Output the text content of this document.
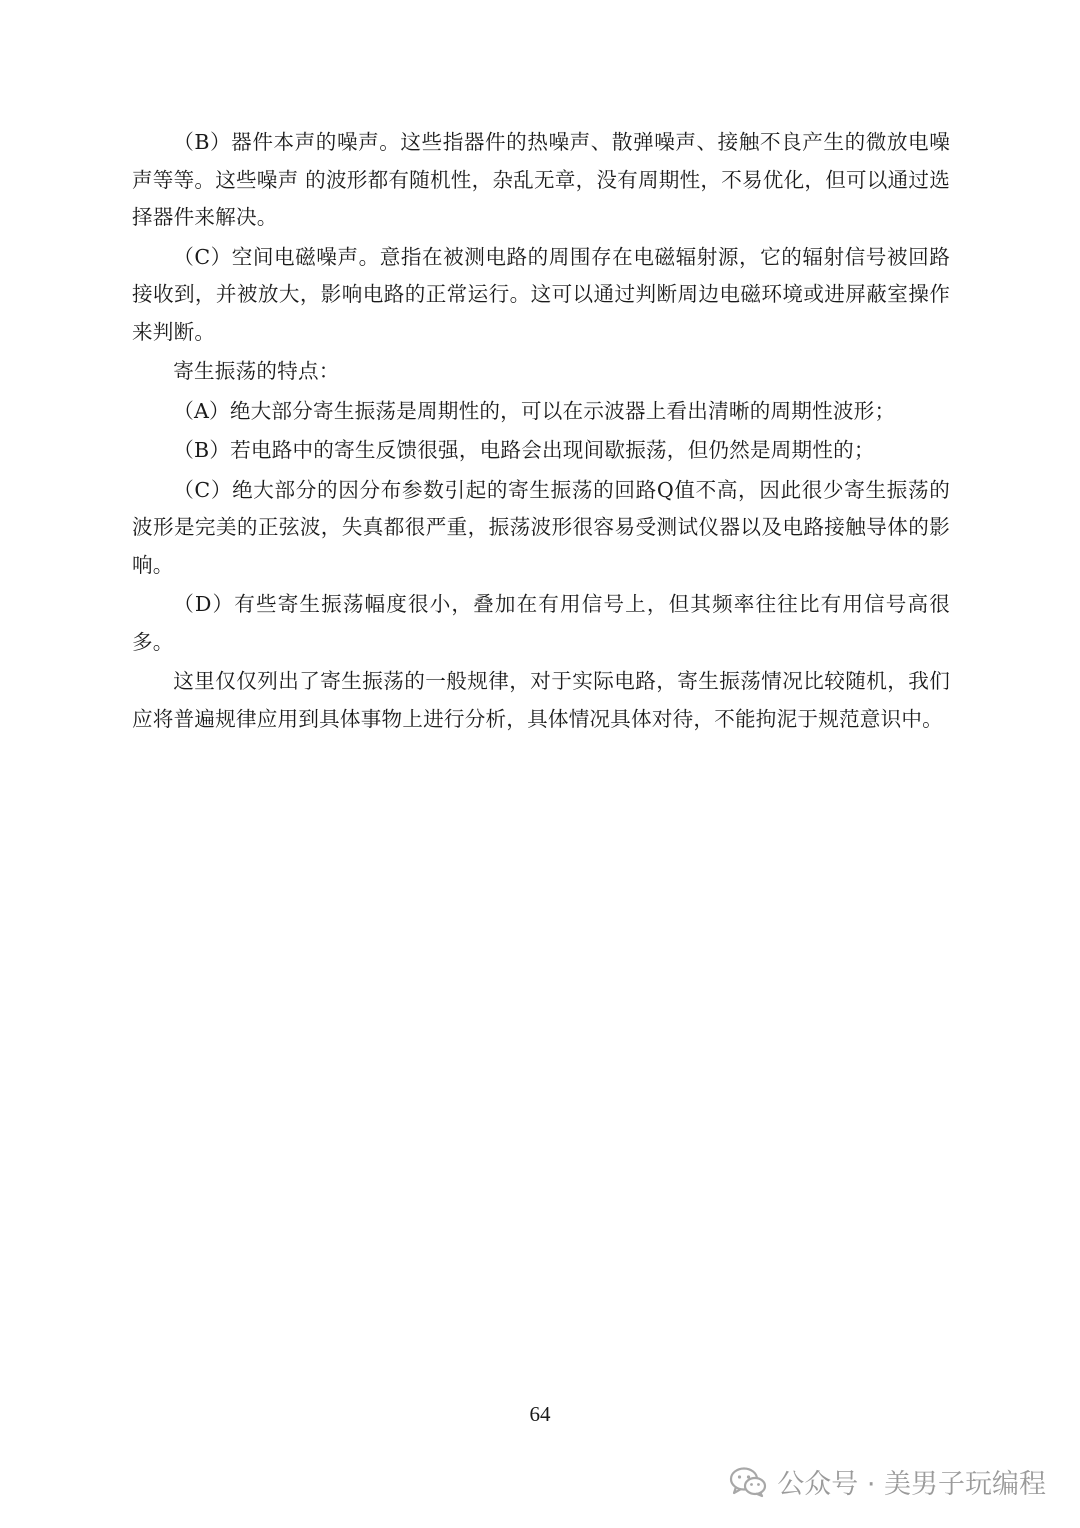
（B）器件本声的噪声。这些指器件的热噪声、散弹噪声、接触不良产生的微放电噪声等等。这些噪声 的波形都有随机性，杂乱无章，没有周期性，不易优化，但可以通过选择器件来解决。

（C）空间电磁噪声。意指在被测电路的周围存在电磁辐射源，它的辐射信号被回路接收到，并被放大，影响电路的正常运行。这可以通过判断周边电磁环境或进屏蔽室操作来判断。

寄生振荡的特点：

（A）绝大部分寄生振荡是周期性的，可以在示波器上看出清晰的周期性波形；

（B）若电路中的寄生反馈很强，电路会出现间歇振荡，但仍然是周期性的；

（C）绝大部分的因分布参数引起的寄生振荡的回路Q值不高，因此很少寄生振荡的波形是完美的正弦波，失真都很严重，振荡波形很容易受测试仪器以及电路接触导体的影响。

（D）有些寄生振荡幅度很小，叠加在有用信号上，但其频率往往比有用信号高很多。

这里仅仅列出了寄生振荡的一般规律，对于实际电路，寄生振荡情况比较随机，我们应将普遍规律应用到具体事物上进行分析，具体情况具体对待，不能拘泥于规范意识中。

64
公众号 · 美男子玩编程
